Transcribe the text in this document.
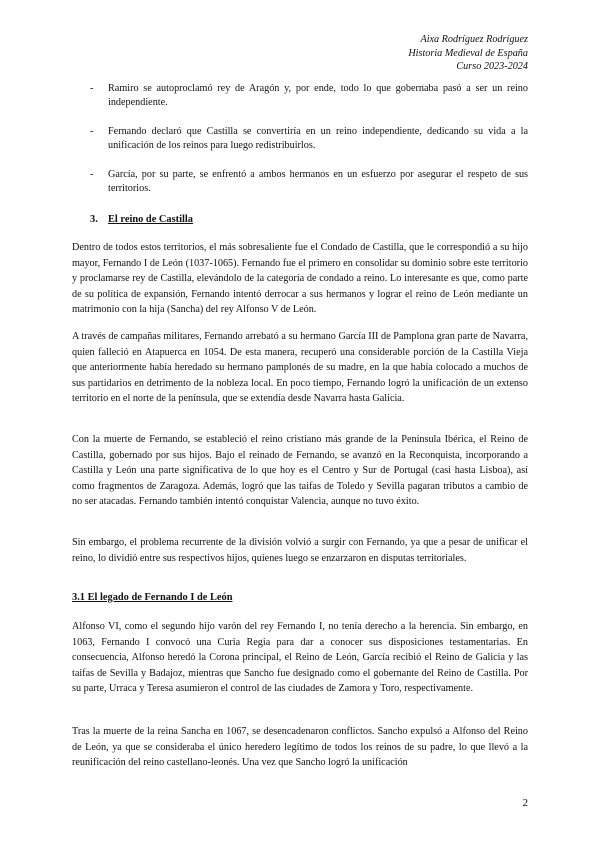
Aixa Rodríguez Rodríguez
Historia Medieval de España
Curso 2023-2024
-	Ramiro se autoproclamó rey de Aragón y, por ende, todo lo que gobernaba pasó a ser un reino independiente.
-	Fernando declaró que Castilla se convertiría en un reino independiente, dedicando su vida a la unificación de los reinos para luego redistribuirlos.
-	García, por su parte, se enfrentó a ambos hermanos en un esfuerzo por asegurar el respeto de sus territorios.
3. El reino de Castilla

Dentro de todos estos territorios, el más sobresaliente fue el Condado de Castilla, que le correspondió a su hijo mayor, Fernando I de León (1037-1065). Fernando fue el primero en consolidar su dominio sobre este territorio y proclamarse rey de Castilla, elevándolo de la categoría de condado a reino. Lo interesante es que, como parte de su política de expansión, Fernando intentó derrocar a sus hermanos y lograr el reino de León mediante un matrimonio con la hija (Sancha) del rey Alfonso V de León.

A través de campañas militares, Fernando arrebató a su hermano García III de Pamplona gran parte de Navarra, quien falleció en Atapuerca en 1054. De esta manera, recuperó una considerable porción de la Castilla Vieja que anteriormente había heredado su hermano pamplonés de su madre, en la que había colocado a muchos de sus partidarios en detrimento de la nobleza local. En poco tiempo, Fernando logró la unificación de un extenso territorio en el norte de la península, que se extendía desde Navarra hasta Galicia.

Con la muerte de Fernando, se estableció el reino cristiano más grande de la Península Ibérica, el Reino de Castilla, gobernado por sus hijos. Bajo el reinado de Fernando, se avanzó en la Reconquista, incorporando a Castilla y León una parte significativa de lo que hoy es el Centro y Sur de Portugal (casi hasta Lisboa), así como fragmentos de Zaragoza. Además, logró que las taifas de Toledo y Sevilla pagaran tributos a cambio de no ser atacadas. Fernando también intentó conquistar Valencia, aunque no tuvo éxito.

Sin embargo, el problema recurrente de la división volvió a surgir con Fernando, ya que a pesar de unificar el reino, lo dividió entre sus respectivos hijos, quienes luego se enzarzaron en disputas territoriales.

3.1 El legado de Fernando I de León

Alfonso VI, como el segundo hijo varón del rey Fernando I, no tenía derecho a la herencia. Sin embargo, en 1063, Fernando I convocó una Curia Regia para dar a conocer sus disposiciones testamentarias. En consecuencia, Alfonso heredó la Corona principal, el Reino de León, García recibió el Reino de Galicia y las taifas de Sevilla y Badajoz, mientras que Sancho fue designado como el gobernante del Reino de Castilla. Por su parte, Urraca y Teresa asumieron el control de las ciudades de Zamora y Toro, respectivamente.

Tras la muerte de la reina Sancha en 1067, se desencadenaron conflictos. Sancho expulsó a Alfonso del Reino de León, ya que se consideraba el único heredero legítimo de todos los reinos de su padre, lo que llevó a la reunificación del reino castellano-leonés. Una vez que Sancho logró la unificación

2
